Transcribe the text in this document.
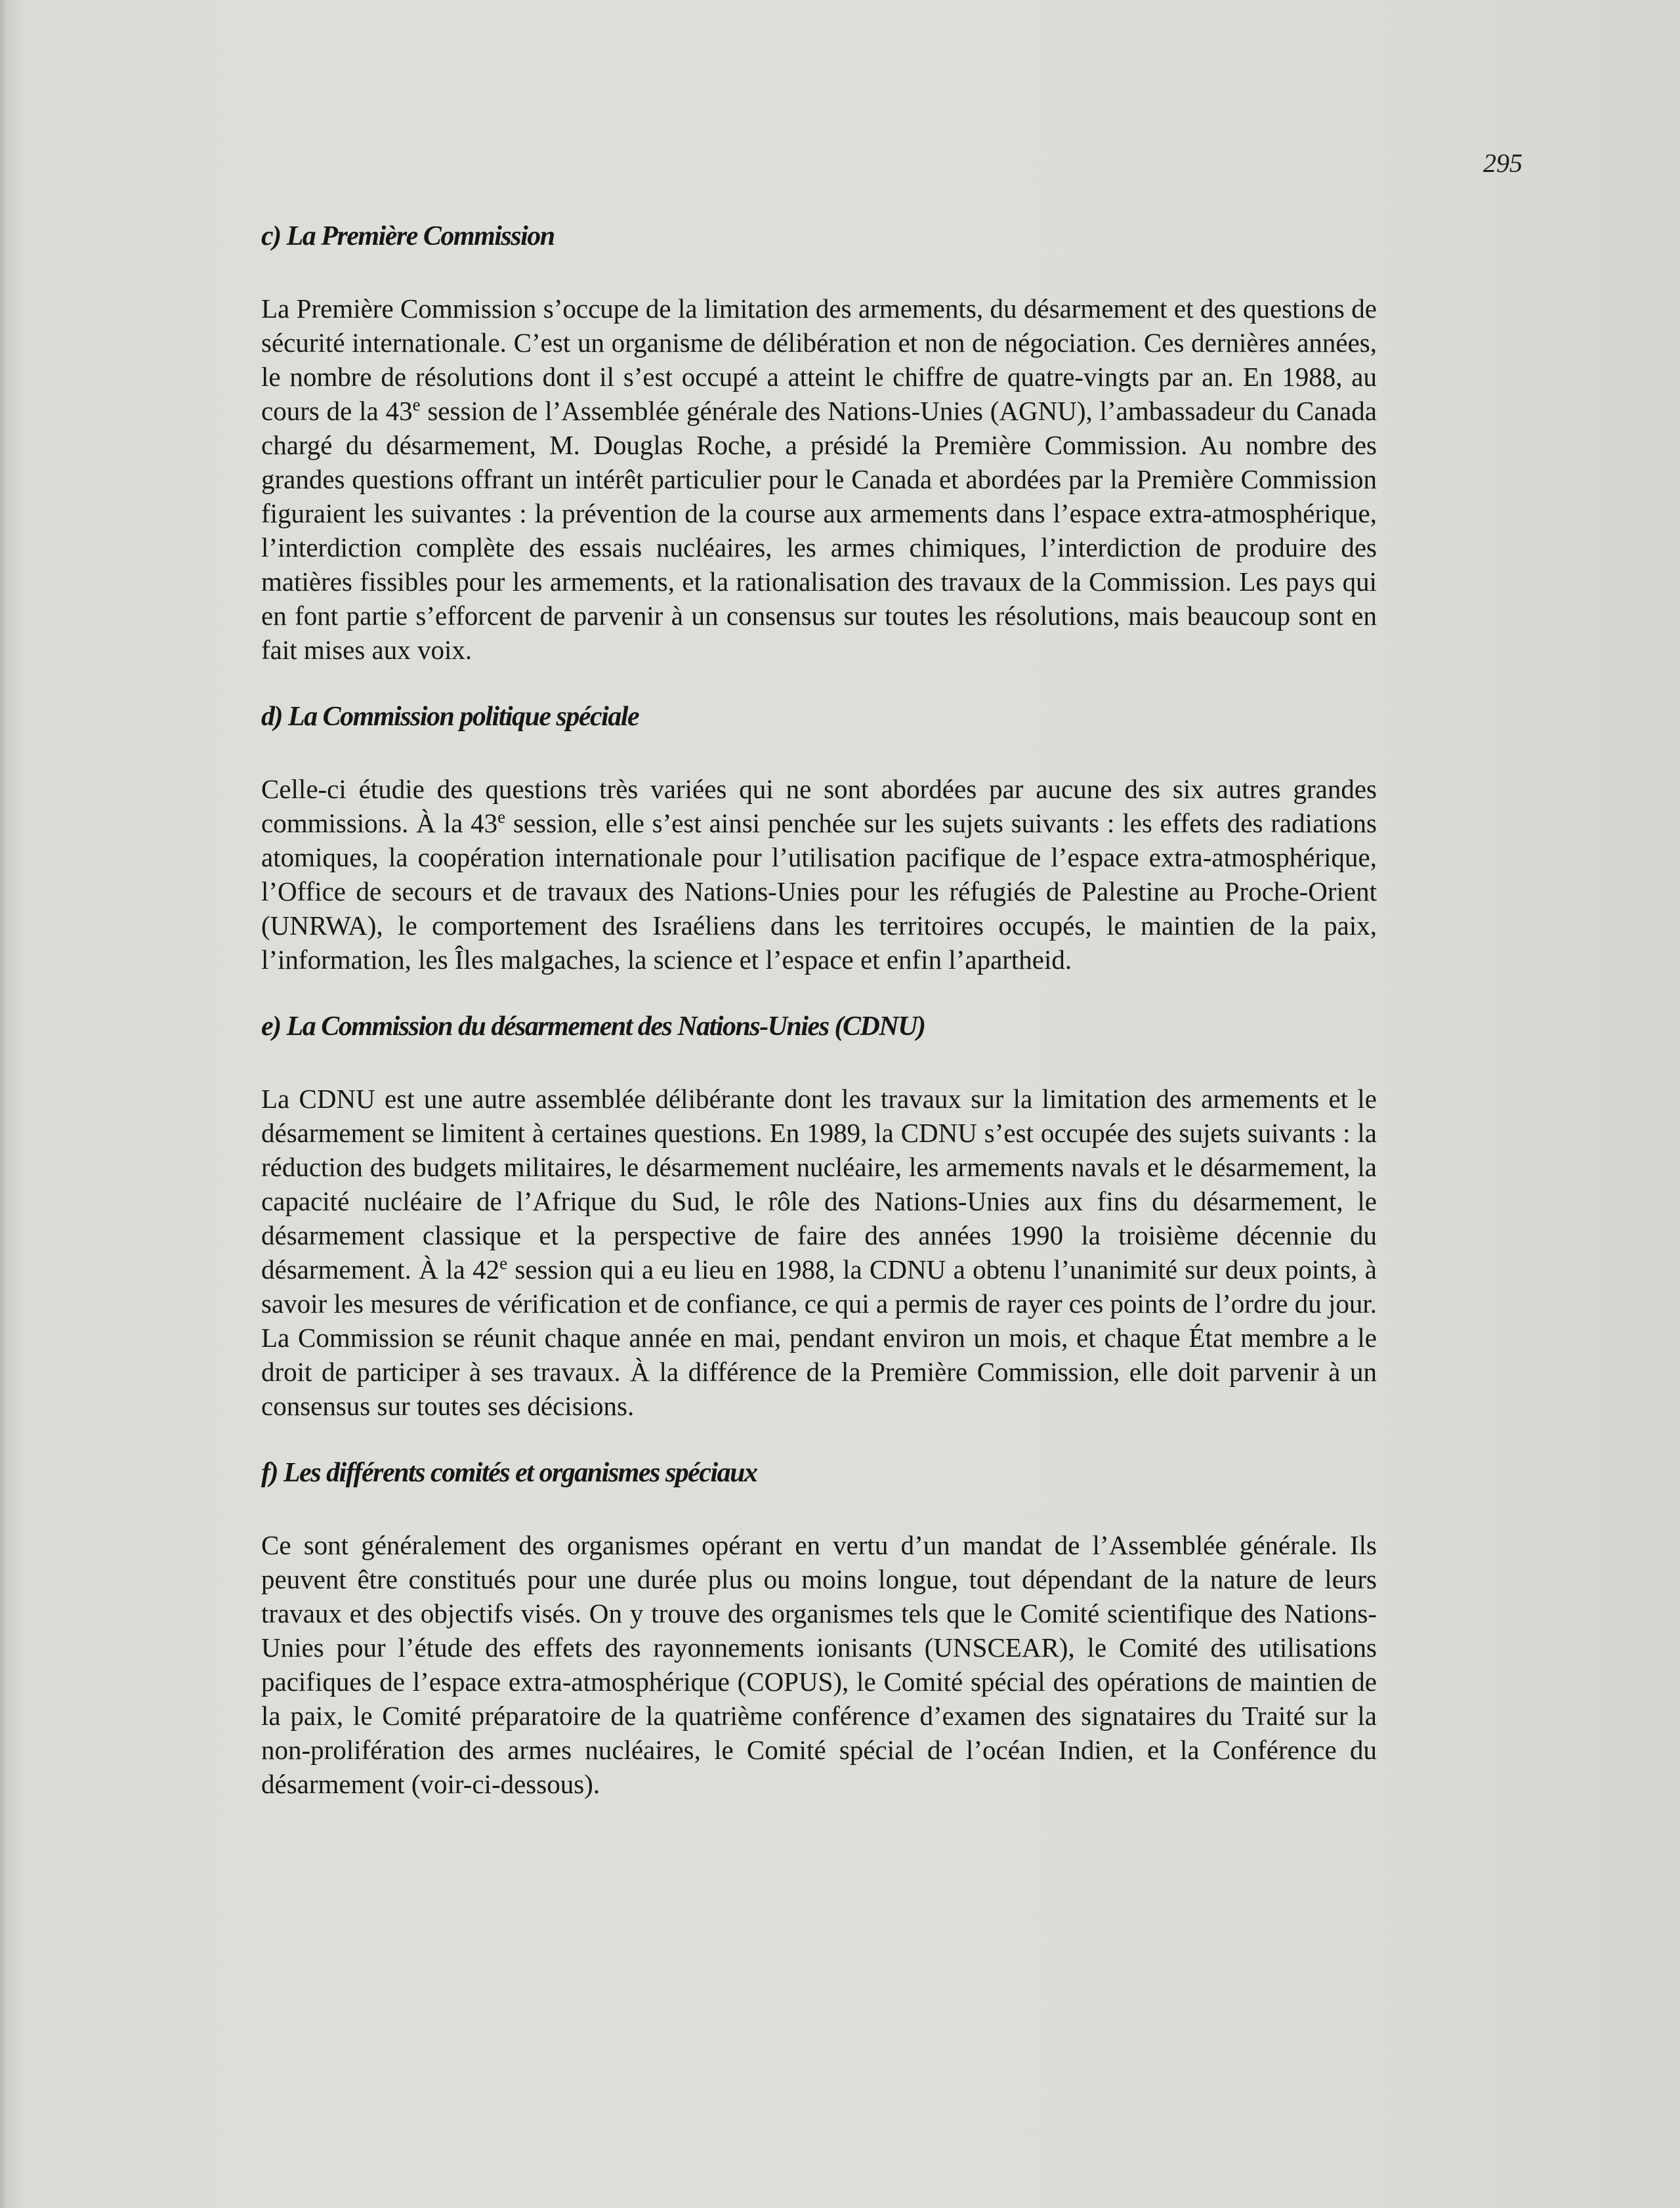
295
c) La Première Commission

La Première Commission s’occupe de la limitation des armements, du désarmement et des questions de sécurité internationale. C’est un organisme de délibération et non de négociation. Ces dernières années, le nombre de résolutions dont il s’est occupé a atteint le chiffre de quatre-vingts par an. En 1988, au cours de la 43e session de l’Assemblée générale des Nations-Unies (AGNU), l’ambassadeur du Canada chargé du désarmement, M. Douglas Roche, a présidé la Première Commission. Au nombre des grandes questions offrant un intérêt particulier pour le Canada et abordées par la Première Commission figuraient les suivantes : la prévention de la course aux armements dans l’espace extra-atmosphérique, l’interdiction complète des essais nucléaires, les armes chimiques, l’interdiction de produire des matières fissibles pour les armements, et la rationalisation des travaux de la Commission. Les pays qui en font partie s’efforcent de parvenir à un consensus sur toutes les résolutions, mais beaucoup sont en fait mises aux voix.

d) La Commission politique spéciale

Celle-ci étudie des questions très variées qui ne sont abordées par aucune des six autres grandes commissions. À la 43e session, elle s’est ainsi penchée sur les sujets suivants : les effets des radiations atomiques, la coopération internationale pour l’utilisation pacifique de l’espace extra-atmosphérique, l’Office de secours et de travaux des Nations-Unies pour les réfugiés de Palestine au Proche-Orient (UNRWA), le comportement des Israéliens dans les territoires occupés, le maintien de la paix, l’information, les Îles malgaches, la science et l’espace et enfin l’apartheid.

e) La Commission du désarmement des Nations-Unies (CDNU)

La CDNU est une autre assemblée délibérante dont les travaux sur la limitation des armements et le désarmement se limitent à certaines questions. En 1989, la CDNU s’est occupée des sujets suivants : la réduction des budgets militaires, le désarmement nucléaire, les armements navals et le désarmement, la capacité nucléaire de l’Afrique du Sud, le rôle des Nations-Unies aux fins du désarmement, le désarmement classique et la perspective de faire des années 1990 la troisième décennie du désarmement. À la 42e session qui a eu lieu en 1988, la CDNU a obtenu l’unanimité sur deux points, à savoir les mesures de vérification et de confiance, ce qui a permis de rayer ces points de l’ordre du jour. La Commission se réunit chaque année en mai, pendant environ un mois, et chaque État membre a le droit de participer à ses travaux. À la différence de la Première Commission, elle doit parvenir à un consensus sur toutes ses décisions.

f) Les différents comités et organismes spéciaux

Ce sont généralement des organismes opérant en vertu d’un mandat de l’Assemblée générale. Ils peuvent être constitués pour une durée plus ou moins longue, tout dépendant de la nature de leurs travaux et des objectifs visés. On y trouve des organismes tels que le Comité scientifique des Nations-Unies pour l’étude des effets des rayonnements ionisants (UNSCEAR), le Comité des utilisations pacifiques de l’espace extra-atmosphérique (COPUS), le Comité spécial des opérations de maintien de la paix, le Comité préparatoire de la quatrième conférence d’examen des signataires du Traité sur la non-prolifération des armes nucléaires, le Comité spécial de l’océan Indien, et la Conférence du désarmement (voir-ci-dessous).
